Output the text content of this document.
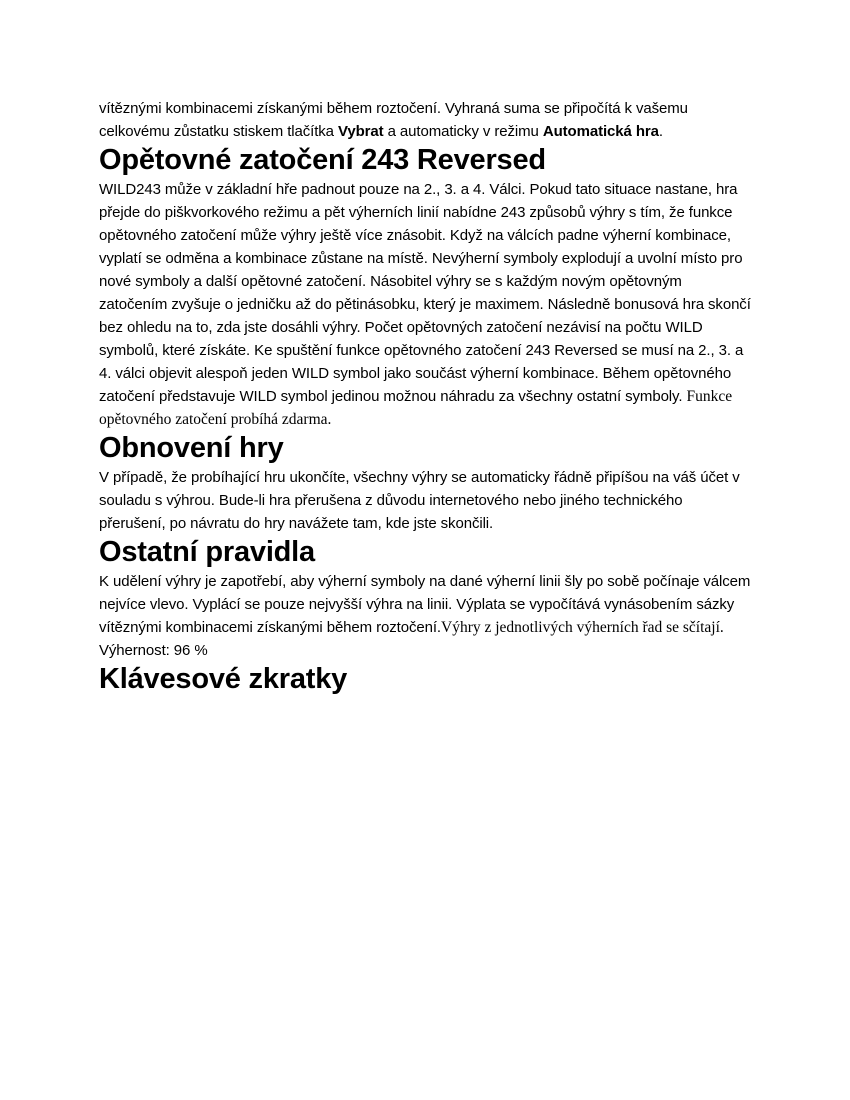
vítěznými kombinacemi získanými během roztočení. Vyhraná suma se připočítá k vašemu celkovému zůstatku stiskem tlačítka Vybrat a automaticky v režimu Automatická hra.

Opětovné zatočení 243 Reversed

WILD243 může v základní hře padnout pouze na 2., 3. a 4. Válci. Pokud tato situace nastane, hra přejde do piškvorkového režimu a pět výherních linií nabídne 243 způsobů výhry s tím, že funkce opětovného zatočení může výhry ještě více znásobit. Když na válcích padne výherní kombinace, vyplatí se odměna a kombinace zůstane na místě. Nevýherní symboly explodují a uvolní místo pro nové symboly a další opětovné zatočení. Násobitel výhry se s každým novým opětovným zatočením zvyšuje o jedničku až do pětinásobku, který je maximem. Následně bonusová hra skončí bez ohledu na to, zda jste dosáhli výhry. Počet opětovných zatočení nezávisí na počtu WILD symbolů, které získáte. Ke spuštění funkce opětovného zatočení 243 Reversed se musí na 2., 3. a 4. válci objevit alespoň jeden WILD symbol jako součást výherní kombinace. Během opětovného zatočení představuje WILD symbol jedinou možnou náhradu za všechny ostatní symboly. Funkce opětovného zatočení probíhá zdarma.

Obnovení hry

V případě, že probíhající hru ukončíte, všechny výhry se automaticky řádně připíšou na váš účet v souladu s výhrou. Bude-li hra přerušena z důvodu internetového nebo jiného technického přerušení, po návratu do hry navážete tam, kde jste skončili.

Ostatní pravidla

K udělení výhry je zapotřebí, aby výherní symboly na dané výherní linii šly po sobě počínaje válcem nejvíce vlevo. Vyplácí se pouze nejvyšší výhra na linii. Výplata se vypočítává vynásobením sázky vítěznými kombinacemi získanými během roztočení.Výhry z jednotlivých výherních řad se sčítají.

Výhernost: 96 %

Klávesové zkratky
